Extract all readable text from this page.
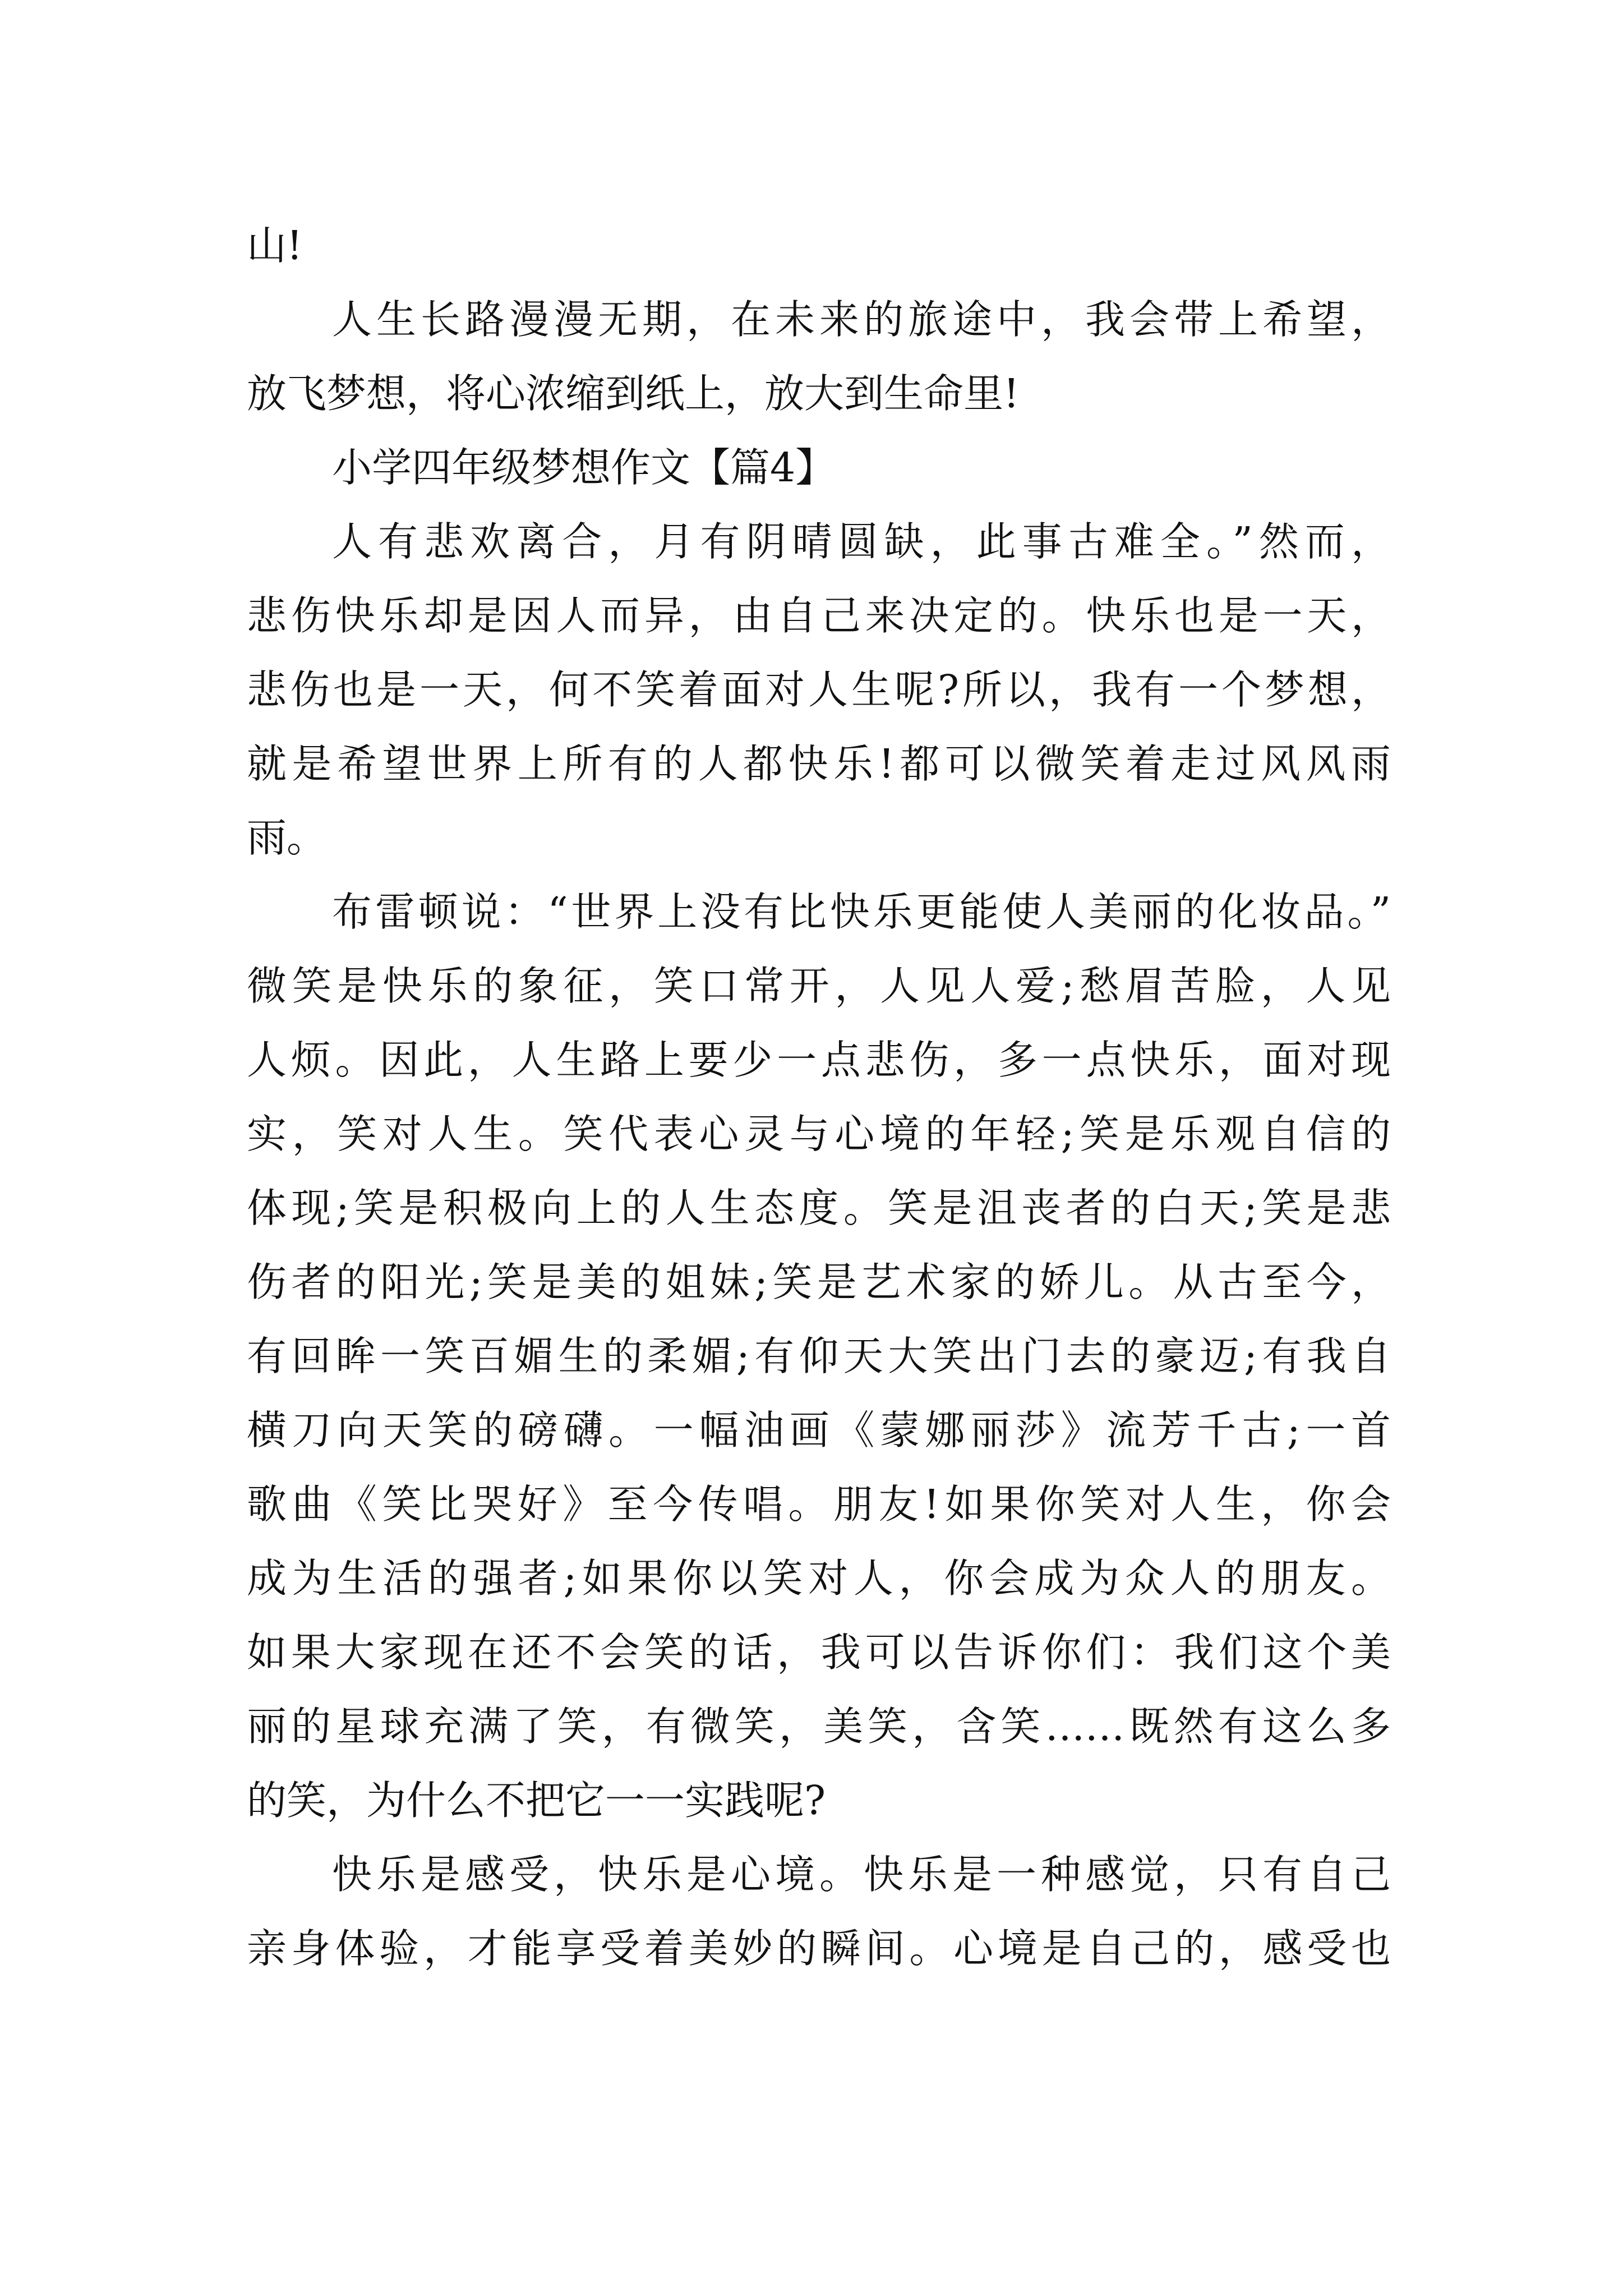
山!
人生长路漫漫无期，在未来的旅途中，我会带上希望，
放飞梦想，将心浓缩到纸上，放大到生命里!
小学四年级梦想作文【篇4】
人有悲欢离合，月有阴晴圆缺，此事古难全。”然而，
悲伤快乐却是因人而异，由自己来决定的。快乐也是一天，
悲伤也是一天，何不笑着面对人生呢?所以，我有一个梦想，
就是希望世界上所有的人都快乐!都可以微笑着走过风风雨
雨。
布雷顿说：“世界上没有比快乐更能使人美丽的化妆品。”
微笑是快乐的象征，笑口常开，人见人爱;愁眉苦脸，人见
人烦。因此，人生路上要少一点悲伤，多一点快乐，面对现
实，笑对人生。笑代表心灵与心境的年轻;笑是乐观自信的
体现;笑是积极向上的人生态度。笑是沮丧者的白天;笑是悲
伤者的阳光;笑是美的姐妹;笑是艺术家的娇儿。从古至今，
有回眸一笑百媚生的柔媚;有仰天大笑出门去的豪迈;有我自
横刀向天笑的磅礴。一幅油画《蒙娜丽莎》流芳千古;一首
歌曲《笑比哭好》至今传唱。朋友!如果你笑对人生，你会
成为生活的强者;如果你以笑对人，你会成为众人的朋友。
如果大家现在还不会笑的话，我可以告诉你们：我们这个美
丽的星球充满了笑，有微笑，美笑，含笑……既然有这么多
的笑，为什么不把它一一实践呢?
快乐是感受，快乐是心境。快乐是一种感觉，只有自己
亲身体验，才能享受着美妙的瞬间。心境是自己的，感受也
